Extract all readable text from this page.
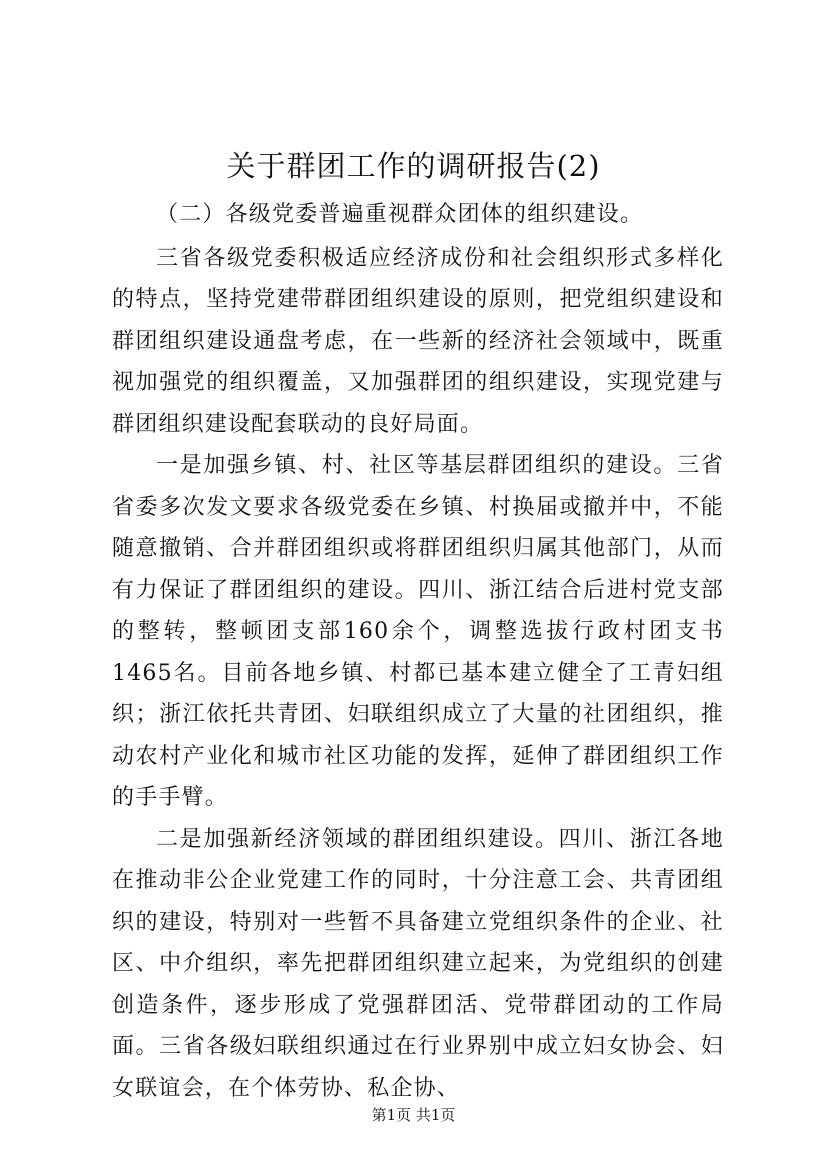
关于群团工作的调研报告(2)

（二）各级党委普遍重视群众团体的组织建设。

三省各级党委积极适应经济成份和社会组织形式多样化的特点，坚持党建带群团组织建设的原则，把党组织建设和群团组织建设通盘考虑，在一些新的经济社会领域中，既重视加强党的组织覆盖，又加强群团的组织建设，实现党建与群团组织建设配套联动的良好局面。

一是加强乡镇、村、社区等基层群团组织的建设。三省省委多次发文要求各级党委在乡镇、村换届或撤并中，不能随意撤销、合并群团组织或将群团组织归属其他部门，从而有力保证了群团组织的建设。四川、浙江结合后进村党支部的整转，整顿团支部160余个，调整选拔行政村团支书1465名。目前各地乡镇、村都已基本建立健全了工青妇组织；浙江依托共青团、妇联组织成立了大量的社团组织，推动农村产业化和城市社区功能的发挥，延伸了群团组织工作的手手臂。

二是加强新经济领域的群团组织建设。四川、浙江各地在推动非公企业党建工作的同时，十分注意工会、共青团组织的建设，特别对一些暂不具备建立党组织条件的企业、社区、中介组织，率先把群团组织建立起来，为党组织的创建创造条件，逐步形成了党强群团活、党带群团动的工作局面。三省各级妇联组织通过在行业界别中成立妇女协会、妇女联谊会，在个体劳协、私企协、

第1页 共1页
